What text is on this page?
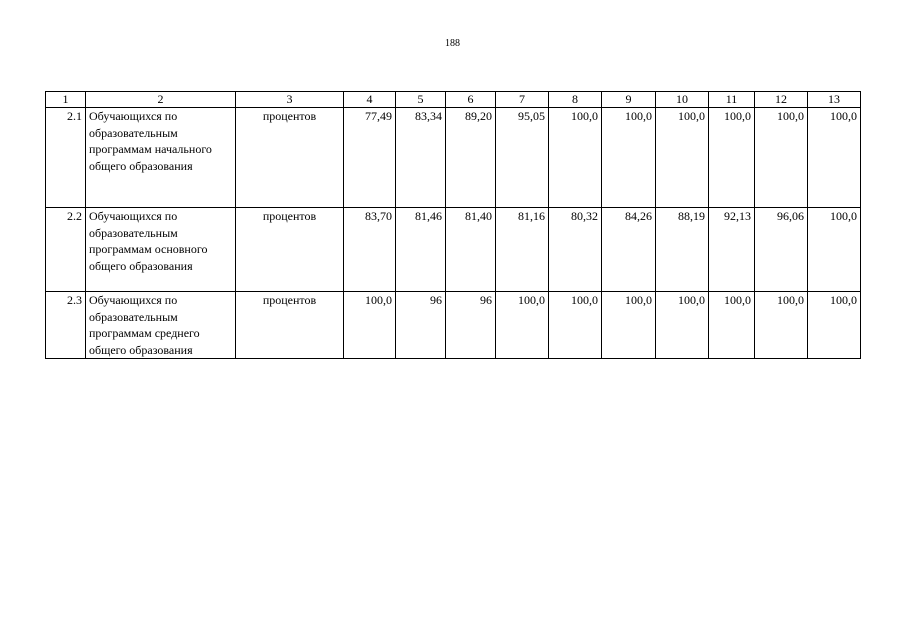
188
1	2	3	4	5	6	7	8	9	10	11	12	13
2.1	Обучающихся по образовательным программам начального общего образования	процентов	77,49	83,34	89,20	95,05	100,0	100,0	100,0	100,0	100,0	100,0
2.2	Обучающихся по образовательным программам основного общего образования	процентов	83,70	81,46	81,40	81,16	80,32	84,26	88,19	92,13	96,06	100,0
2.3	Обучающихся по образовательным программам среднего общего образования	процентов	100,0	96	96	100,0	100,0	100,0	100,0	100,0	100,0	100,0
